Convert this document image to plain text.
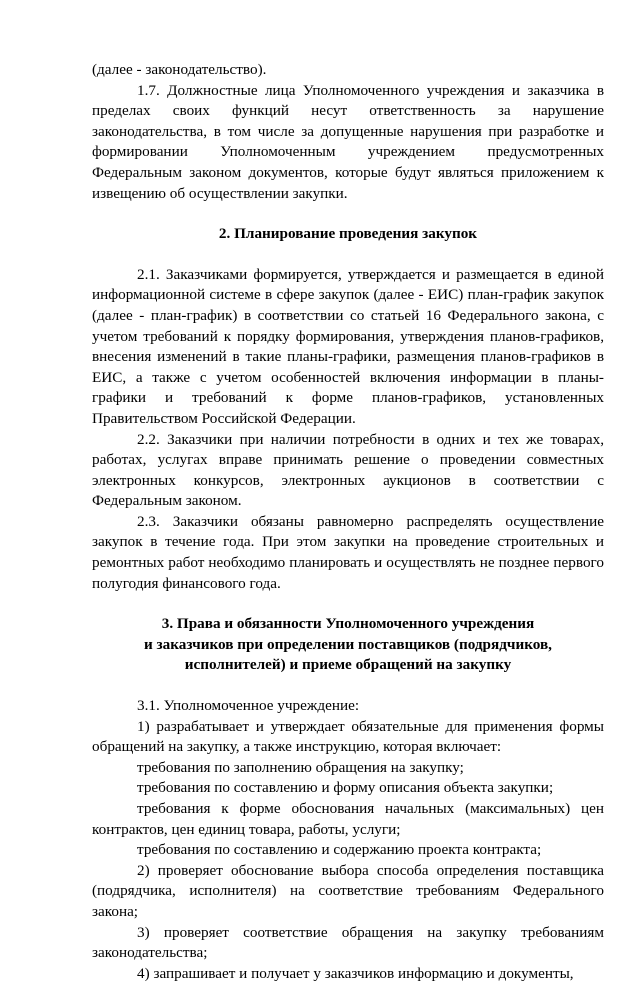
(далее - законодательство).

1.7. Должностные лица Уполномоченного учреждения и заказчика в пределах своих функций несут ответственность за нарушение законодательства, в том числе за допущенные нарушения при разработке и формировании Уполномоченным учреждением предусмотренных Федеральным законом документов, которые будут являться приложением к извещению об осуществлении закупки.

2. Планирование проведения закупок

2.1. Заказчиками формируется, утверждается и размещается в единой информационной системе в сфере закупок (далее - ЕИС) план-график закупок (далее - план-график) в соответствии со статьей 16 Федерального закона, с учетом требований к порядку формирования, утверждения планов-графиков, внесения изменений в такие планы-графики, размещения планов-графиков в ЕИС, а также с учетом особенностей включения информации в планы-графики и требований к форме планов-графиков, установленных Правительством Российской Федерации.

2.2. Заказчики при наличии потребности в одних и тех же товарах, работах, услугах вправе принимать решение о проведении совместных электронных конкурсов, электронных аукционов в соответствии с Федеральным законом.

2.3. Заказчики обязаны равномерно распределять осуществление закупок в течение года. При этом закупки на проведение строительных и ремонтных работ необходимо планировать и осуществлять не позднее первого полугодия финансового года.

3. Права и обязанности Уполномоченного учреждения

и заказчиков при определении поставщиков (подрядчиков,

исполнителей) и приеме обращений на закупку

3.1. Уполномоченное учреждение:

1) разрабатывает и утверждает обязательные для применения формы обращений на закупку, а также инструкцию, которая включает:

требования по заполнению обращения на закупку;

требования по составлению и форму описания объекта закупки;

требования к форме обоснования начальных (максимальных) цен контрактов, цен единиц товара, работы, услуги;

требования по составлению и содержанию проекта контракта;

2) проверяет обоснование выбора способа определения поставщика (подрядчика, исполнителя) на соответствие требованиям Федерального закона;

3) проверяет соответствие обращения на закупку требованиям законодательства;

4) запрашивает и получает у заказчиков информацию и документы,
